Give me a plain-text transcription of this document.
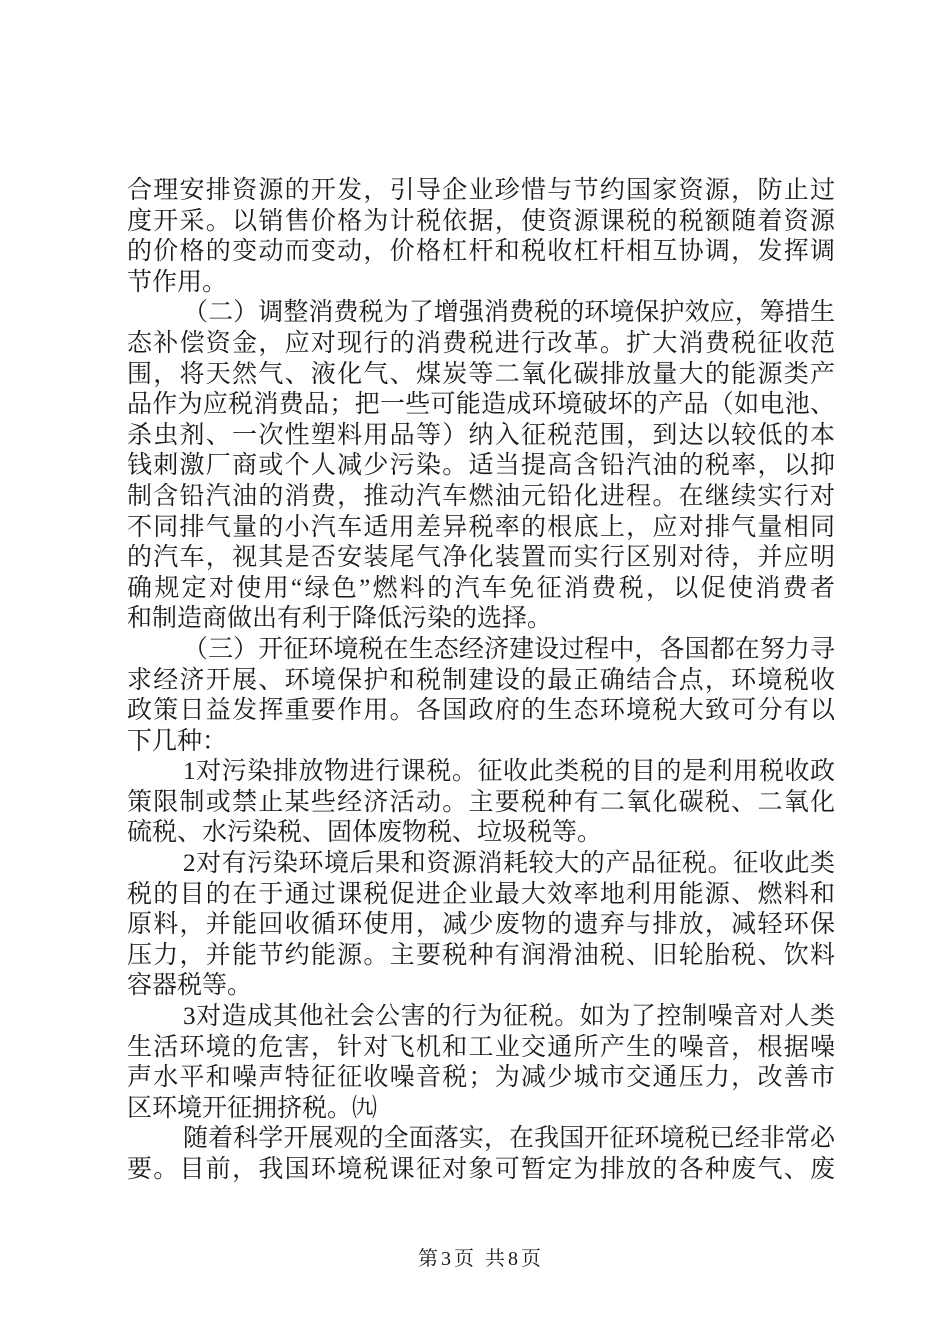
合理安排资源的开发，引导企业珍惜与节约国家资源，防止过
度开采。以销售价格为计税依据，使资源课税的税额随着资源
的价格的变动而变动，价格杠杆和税收杠杆相互协调，发挥调
节作用。
（二）调整消费税为了增强消费税的环境保护效应，筹措生
态补偿资金，应对现行的消费税进行改革。扩大消费税征收范
围，将天然气、液化气、煤炭等二氧化碳排放量大的能源类产
品作为应税消费品；把一些可能造成环境破坏的产品（如电池、
杀虫剂、一次性塑料用品等）纳入征税范围，到达以较低的本
钱刺激厂商或个人减少污染。适当提高含铅汽油的税率，以抑
制含铅汽油的消费，推动汽车燃油元铅化进程。在继续实行对
不同排气量的小汽车适用差异税率的根底上，应对排气量相同
的汽车，视其是否安装尾气净化装置而实行区别对待，并应明
确规定对使用“绿色”燃料的汽车免征消费税，以促使消费者
和制造商做出有利于降低污染的选择。
（三）开征环境税在生态经济建设过程中，各国都在努力寻
求经济开展、环境保护和税制建设的最正确结合点，环境税收
政策日益发挥重要作用。各国政府的生态环境税大致可分有以
下几种：
1对污染排放物进行课税。征收此类税的目的是利用税收政
策限制或禁止某些经济活动。主要税种有二氧化碳税、二氧化
硫税、水污染税、固体废物税、垃圾税等。
2对有污染环境后果和资源消耗较大的产品征税。征收此类
税的目的在于通过课税促进企业最大效率地利用能源、燃料和
原料，并能回收循环使用，减少废物的遗弃与排放，减轻环保
压力，并能节约能源。主要税种有润滑油税、旧轮胎税、饮料
容器税等。
3对造成其他社会公害的行为征税。如为了控制噪音对人类
生活环境的危害，针对飞机和工业交通所产生的噪音，根据噪
声水平和噪声特征征收噪音税；为减少城市交通压力，改善市
区环境开征拥挤税。㈨
随着科学开展观的全面落实，在我国开征环境税已经非常必
要。目前，我国环境税课征对象可暂定为排放的各种废气、废
第3页 共8页
